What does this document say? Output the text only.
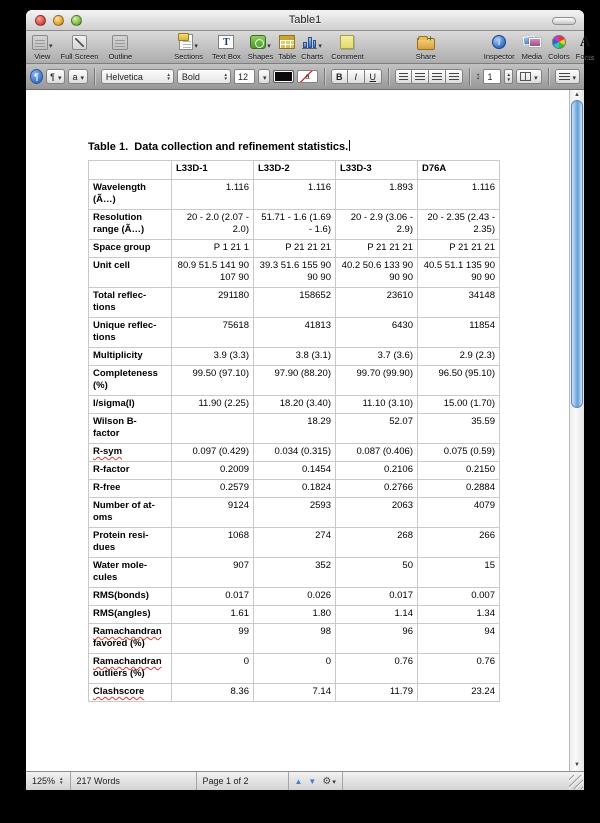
Table1
▾
View Full Screen Outline
▾
Sections
T
Text Box
▾
Shapes Table
▾
Charts Comment
+	Share
i
Inspector Media Colors
A
Fonts
¶	¶ ▾ a ▾ Helvetica	▲
▼ Bold	▲
▼	12	▾	a	B	I	U	↕ 1	▲
▼	▾	▾
Table 1.  Data collection and refinement statistics.
	L33D-1	L33D-2	L33D-3	D76A

Wavelength
(Ã…)	1.116	1.116	1.893	1.116

Resolution
range (Ã…)	20 - 2.0 (2.07 - 2.0)	51.71 - 1.6 (1.69 - 1.6)	20 - 2.9 (3.06 - 2.9)	20 - 2.35 (2.43 - 2.35)

Space group	P 1 21 1	P 21 21 21	P 21 21 21	P 21 21 21

Unit cell	80.9 51.5 141 90 107 90	39.3 51.6 155 90 90 90	40.2 50.6 133 90 90 90	40.5 51.1 135 90 90 90

Total reflec-
tions	291180	158652	23610	34148

Unique reflec-
tions	75618	41813	6430	11854

Multiplicity	3.9 (3.3)	3.8 (3.1)	3.7 (3.6)	2.9 (2.3)

Completeness
(%)	99.50 (97.10)	97.90 (88.20)	99.70 (99.90)	96.50 (95.10)

I/sigma(I)	11.90 (2.25)	18.20 (3.40)	11.10 (3.10)	15.00 (1.70)

Wilson B-
factor		18.29	52.07	35.59

R-sym	0.097 (0.429)	0.034 (0.315)	0.087 (0.406)	0.075 (0.59)

R-factor	0.2009	0.1454	0.2106	0.2150

R-free	0.2579	0.1824	0.2766	0.2884

Number of at-
oms	9124	2593	2063	4079

Protein resi-
dues	1068	274	268	266

Water mole-
cules	907	352	50	15

RMS(bonds)	0.017	0.026	0.017	0.007

RMS(angles)	1.61	1.80	1.14	1.34

Ramachandran
favored (%)	99	98	96	94

Ramachandran
outliers (%)	0	0	0.76	0.76

Clashscore	8.36	7.14	11.79	23.24
▲
▼
125% ▲
▼ 217 Words	Page 1 of 2	▲ ▼ ⚙▾
